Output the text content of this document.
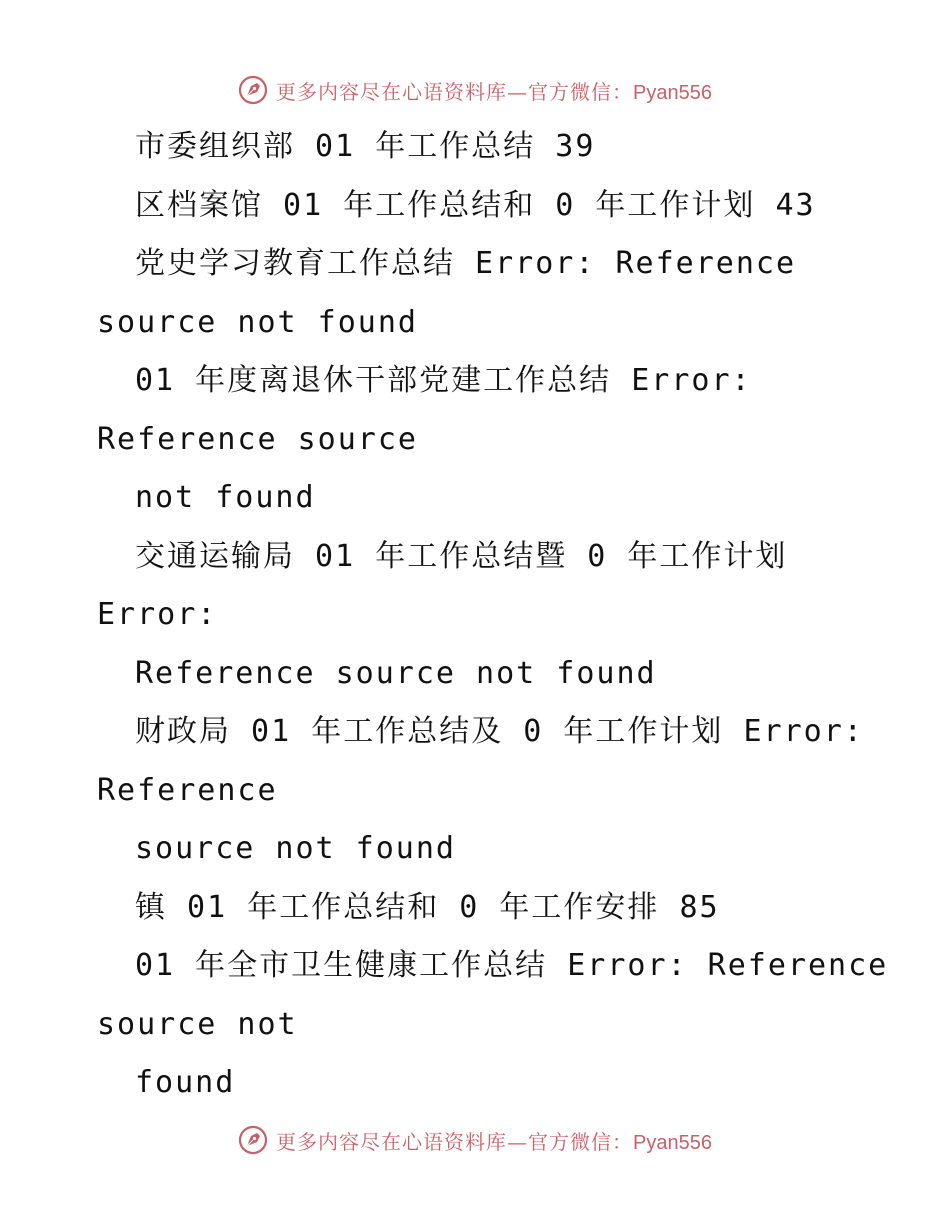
更多内容尽在心语资料库—官方微信：Pyan556
市委组织部 01 年工作总结 39
区档案馆 01 年工作总结和 0 年工作计划 43
党史学习教育工作总结 Error: Reference
source not found
01 年度离退休干部党建工作总结 Error:
Reference source
not found
交通运输局 01 年工作总结暨 0 年工作计划
Error:
Reference source not found
财政局 01 年工作总结及 0 年工作计划 Error:
Reference
source not found
镇 01 年工作总结和 0 年工作安排 85
01 年全市卫生健康工作总结 Error: Reference
source not
found
更多内容尽在心语资料库—官方微信：Pyan556
